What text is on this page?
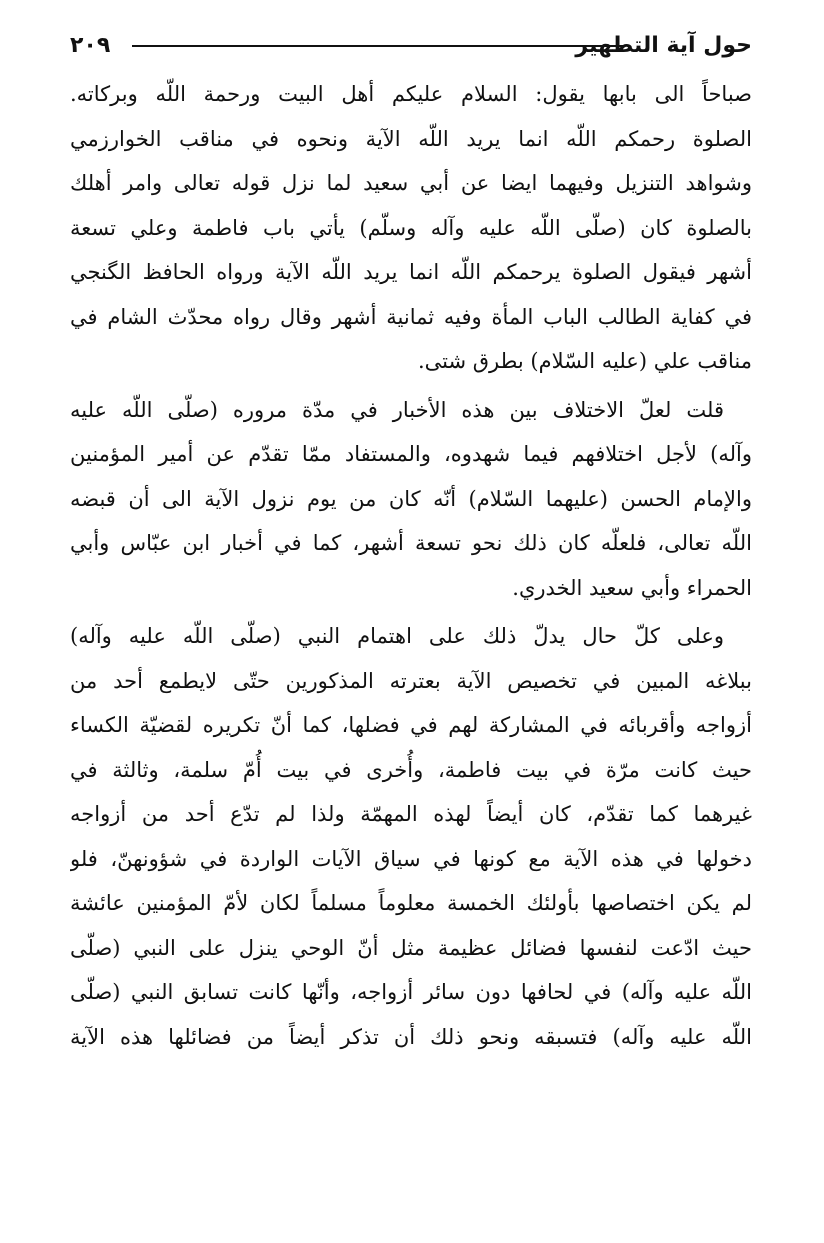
حول آية التطهير
٢٠٩
صباحاً الى بابها يقول: السلام عليكم أهل البيت ورحمة اللّه وبركاته.
الصلوة رحمكم اللّه انما يريد اللّه الآية ونحوه في مناقب الخوارزمي
وشواهد التنزيل وفيهما ايضا عن أبي سعيد لما نزل قوله تعالى وامر أهلك
بالصلوة كان (صلّى اللّه عليه وآله وسلّم) يأتي باب فاطمة وعلي تسعة
أشهر فيقول الصلوة يرحمكم اللّه انما يريد اللّه الآية ورواه الحافظ الگنجي
في كفاية الطالب الباب المأة وفيه ثمانية أشهر وقال رواه محدّث الشام في
مناقب علي (عليه السّلام) بطرق شتى.
قلت لعلّ الاختلاف بين هذه الأخبار في مدّة مروره (صلّى اللّه عليه
وآله) لأجل اختلافهم فيما شهدوه، والمستفاد ممّا تقدّم عن أمير المؤمنين
والإمام الحسن (عليهما السّلام) أنّه كان من يوم نزول الآية الى أن قبضه
اللّه تعالى، فلعلّه كان ذلك نحو تسعة أشهر، كما في أخبار ابن عبّاس وأبي
الحمراء وأبي سعيد الخدري.
وعلى كلّ حال يدلّ ذلك على اهتمام النبي (صلّى اللّه عليه وآله)
ببلاغه المبين في تخصيص الآية بعترته المذكورين حتّى لايطمع أحد من
أزواجه وأقربائه في المشاركة لهم في فضلها، كما أنّ تكريره لقضيّة الكساء
حيث كانت مرّة في بيت فاطمة، وأُخرى في بيت أُمّ سلمة، وثالثة في
غيرهما كما تقدّم، كان أيضاً لهذه المهمّة ولذا لم تدّع أحد من أزواجه
دخولها في هذه الآية مع كونها في سياق الآيات الواردة في شؤونهنّ، فلو
لم يكن اختصاصها بأولئك الخمسة معلوماً مسلماً لكان لأمّ المؤمنين عائشة
حيث ادّعت لنفسها فضائل عظيمة مثل أنّ الوحي ينزل على النبي (صلّى
اللّه عليه وآله) في لحافها دون سائر أزواجه، وأنّها كانت تسابق النبي (صلّى
اللّه عليه وآله) فتسبقه ونحو ذلك أن تذكر أيضاً من فضائلها هذه الآية
